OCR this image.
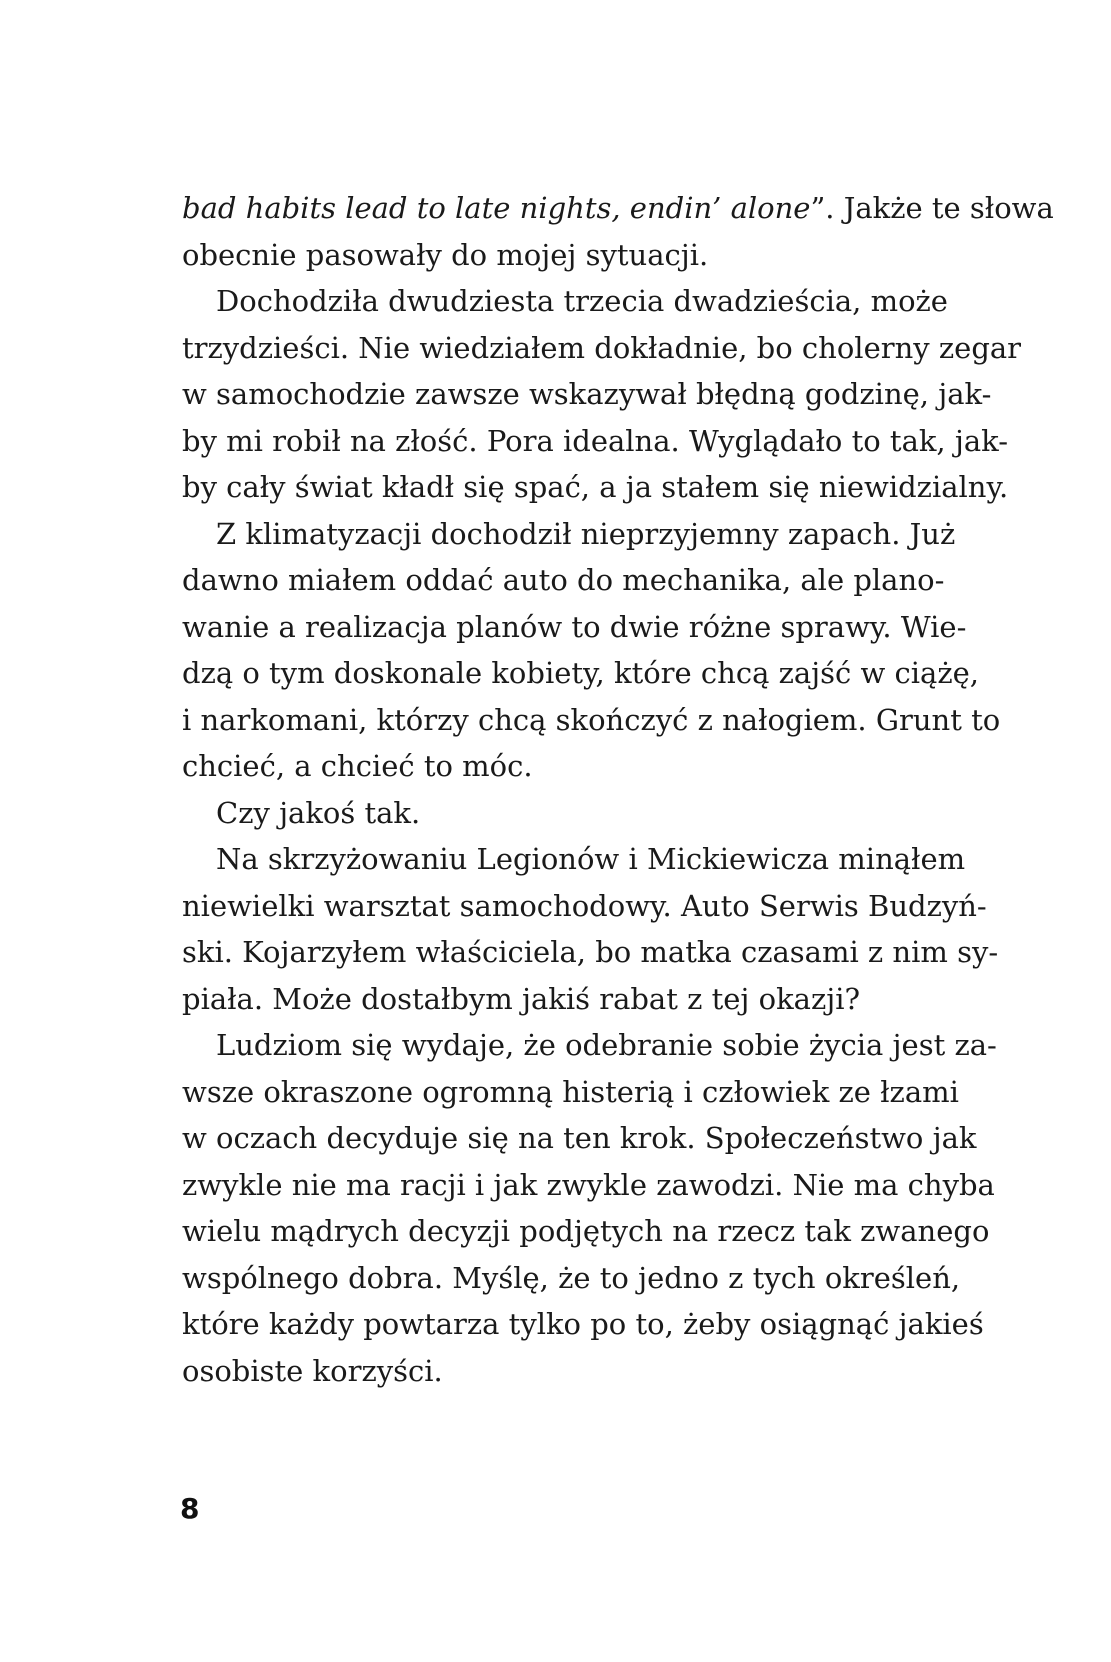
bad habits lead to late nights, endin’ alone”. Jakże te słowa
obecnie pasowały do mojej sytuacji.
Dochodziła dwudziesta trzecia dwadzieścia, może
trzydzieści. Nie wiedziałem dokładnie, bo cholerny zegar
w samochodzie zawsze wskazywał błędną godzinę, jak-
by mi robił na złość. Pora idealna. Wyglądało to tak, jak-
by cały świat kładł się spać, a ja stałem się niewidzialny.
Z klimatyzacji dochodził nieprzyjemny zapach. Już
dawno miałem oddać auto do mechanika, ale plano-
wanie a realizacja planów to dwie różne sprawy. Wie-
dzą o tym doskonale kobiety, które chcą zajść w ciążę,
i narkomani, którzy chcą skończyć z nałogiem. Grunt to
chcieć, a chcieć to móc.
Czy jakoś tak.
Na skrzyżowaniu Legionów i Mickiewicza minąłem
niewielki warsztat samochodowy. Auto Serwis Budzyń-
ski. Kojarzyłem właściciela, bo matka czasami z nim sy-
piała. Może dostałbym jakiś rabat z tej okazji?
Ludziom się wydaje, że odebranie sobie życia jest za-
wsze okraszone ogromną histerią i człowiek ze łzami
w oczach decyduje się na ten krok. Społeczeństwo jak
zwykle nie ma racji i jak zwykle zawodzi. Nie ma chyba
wielu mądrych decyzji podjętych na rzecz tak zwanego
wspólnego dobra. Myślę, że to jedno z tych określeń,
które każdy powtarza tylko po to, żeby osiągnąć jakieś
osobiste korzyści.
8
